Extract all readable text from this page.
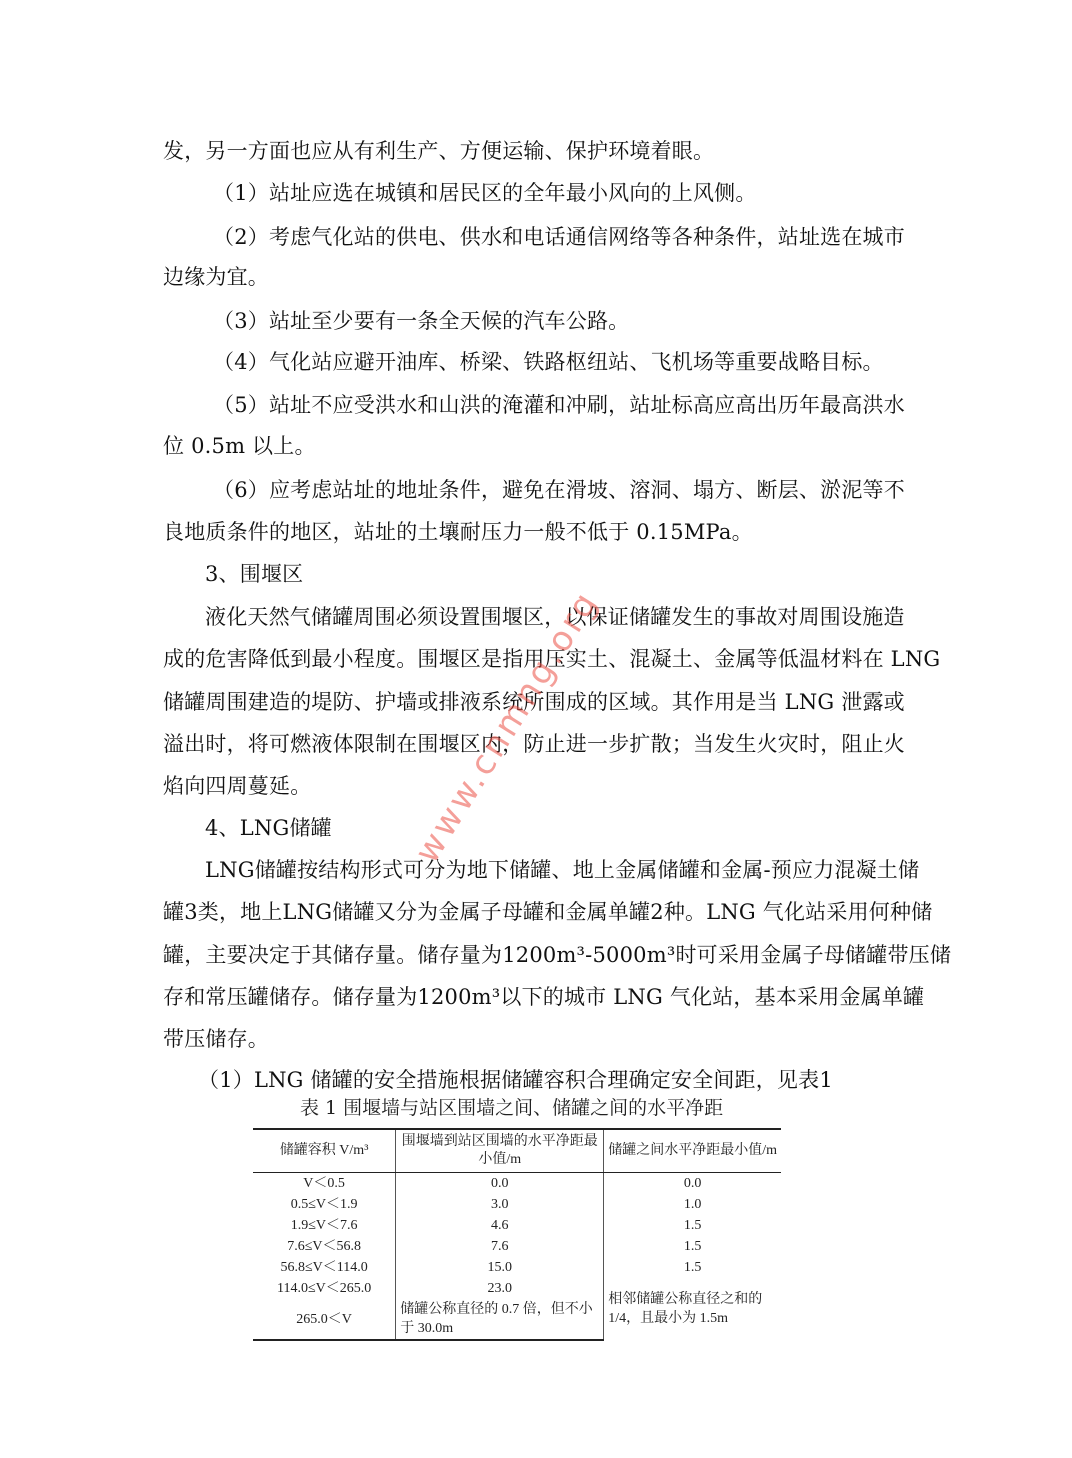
发，另一方面也应从有利生产、方便运输、保护环境着眼。

（1）站址应选在城镇和居民区的全年最小风向的上风侧。

（2）考虑气化站的供电、供水和电话通信网络等各种条件，站址选在城市

边缘为宜。

（3）站址至少要有一条全天候的汽车公路。

（4）气化站应避开油库、桥梁、铁路枢纽站、飞机场等重要战略目标。

（5）站址不应受洪水和山洪的淹灌和冲刷，站址标高应高出历年最高洪水

位 0.5m 以上。

（6）应考虑站址的地址条件，避免在滑坡、溶洞、塌方、断层、淤泥等不

良地质条件的地区，站址的土壤耐压力一般不低于 0.15MPa。

3、围堰区

液化天然气储罐周围必须设置围堰区，以保证储罐发生的事故对周围设施造

成的危害降低到最小程度。围堰区是指用压实土、混凝土、金属等低温材料在 LNG

储罐周围建造的堤防、护墙或排液系统所围成的区域。其作用是当 LNG 泄露或

溢出时，将可燃液体限制在围堰区内，防止进一步扩散；当发生火灾时，阻止火

焰向四周蔓延。

4、LNG储罐

LNG储罐按结构形式可分为地下储罐、地上金属储罐和金属-预应力混凝土储

罐3类，地上LNG储罐又分为金属子母罐和金属单罐2种。LNG 气化站采用何种储

罐，主要决定于其储存量。储存量为1200m³-5000m³时可采用金属子母储罐带压储

存和常压罐储存。储存量为1200m³以下的城市 LNG 气化站，基本采用金属单罐

带压储存。

（1）LNG 储罐的安全措施根据储罐容积合理确定安全间距，见表1

表 1 围堰墙与站区围墙之间、储罐之间的水平净距

储罐容积 V/m³	围堰墙到站区围墙的水平净距最小值/m	储罐之间水平净距最小值/m
V＜0.5	0.0	0.0
0.5≤V＜1.9	3.0	1.0
1.9≤V＜7.6	4.6	1.5
7.6≤V＜56.8	7.6	1.5
56.8≤V＜114.0	15.0	1.5
114.0≤V＜265.0	23.0	相邻储罐公称直径之和的 1/4，且最小为 1.5m
265.0＜V	储罐公称直径的 0.7 倍，但不小于 30.0m	
www.cnmng.org
